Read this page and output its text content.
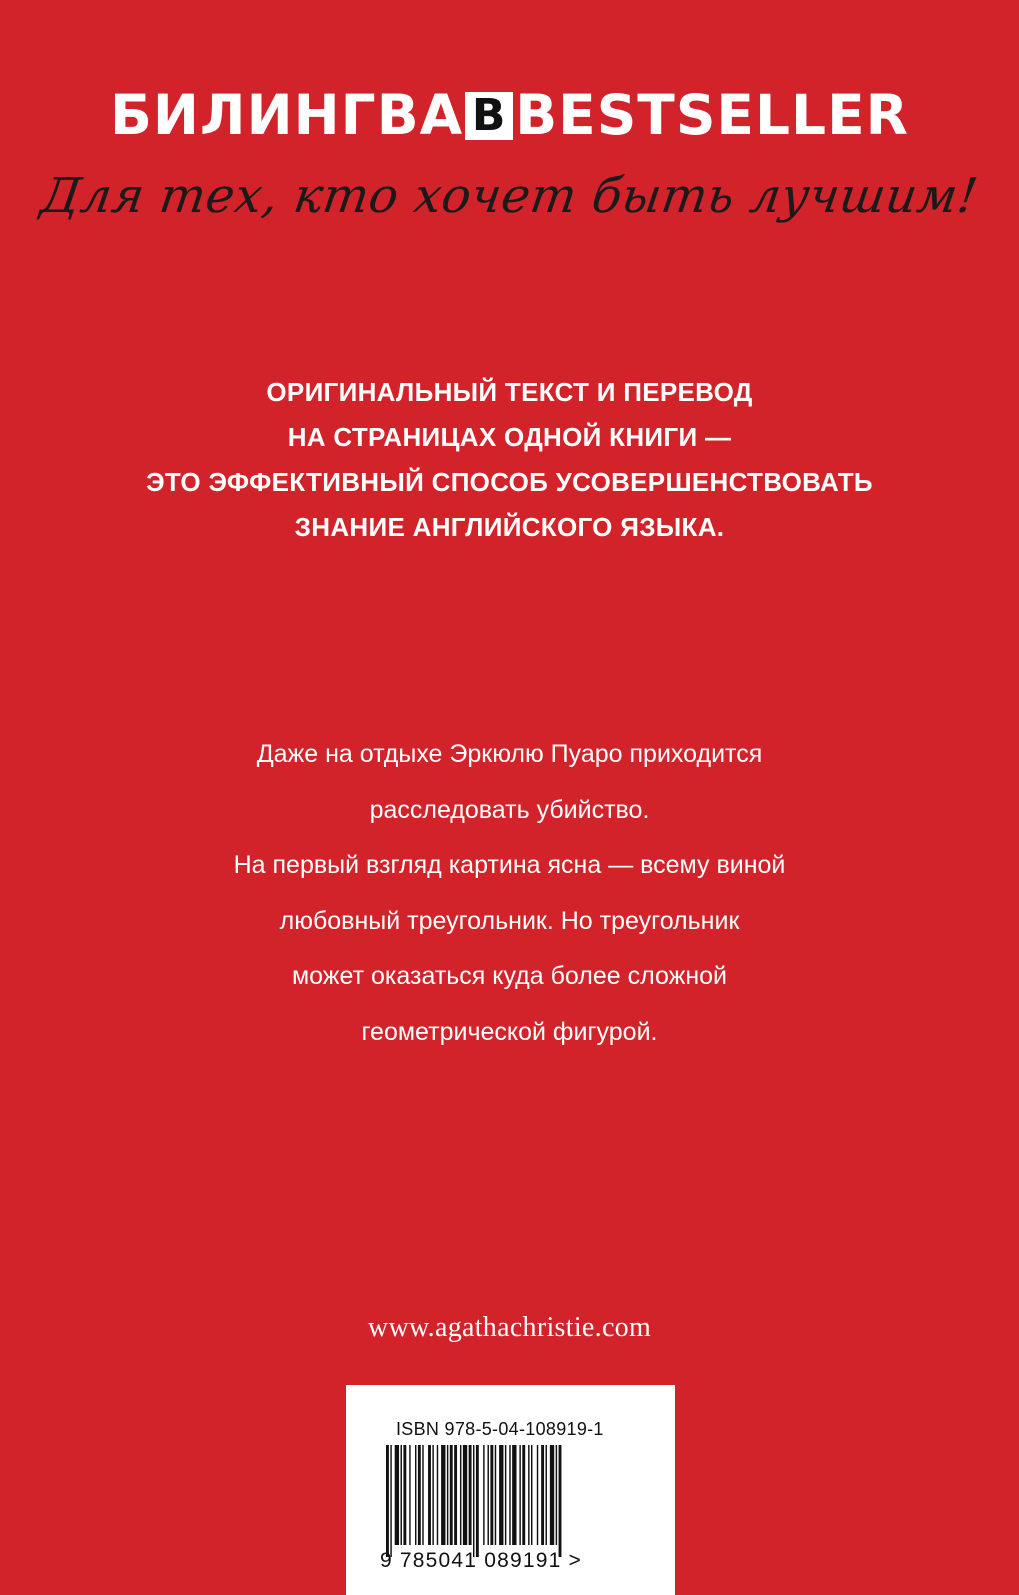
БИЛИНГВА B BESTSELLER
Для тех, кто хочет быть лучшим!
ОРИГИНАЛЬНЫЙ ТЕКСТ И ПЕРЕВОД
НА СТРАНИЦАХ ОДНОЙ КНИГИ —
ЭТО ЭФФЕКТИВНЫЙ СПОСОБ УСОВЕРШЕНСТВОВАТЬ
ЗНАНИЕ АНГЛИЙСКОГО ЯЗЫКА.
Даже на отдыхе Эркюлю Пуаро приходится
расследовать убийство.
На первый взгляд картина ясна — всему виной
любовный треугольник. Но треугольник
может оказаться куда более сложной
геометрической фигурой.
www.agathachristie.com
ISBN 978-5-04-108919-1
9 785041 089191 >
